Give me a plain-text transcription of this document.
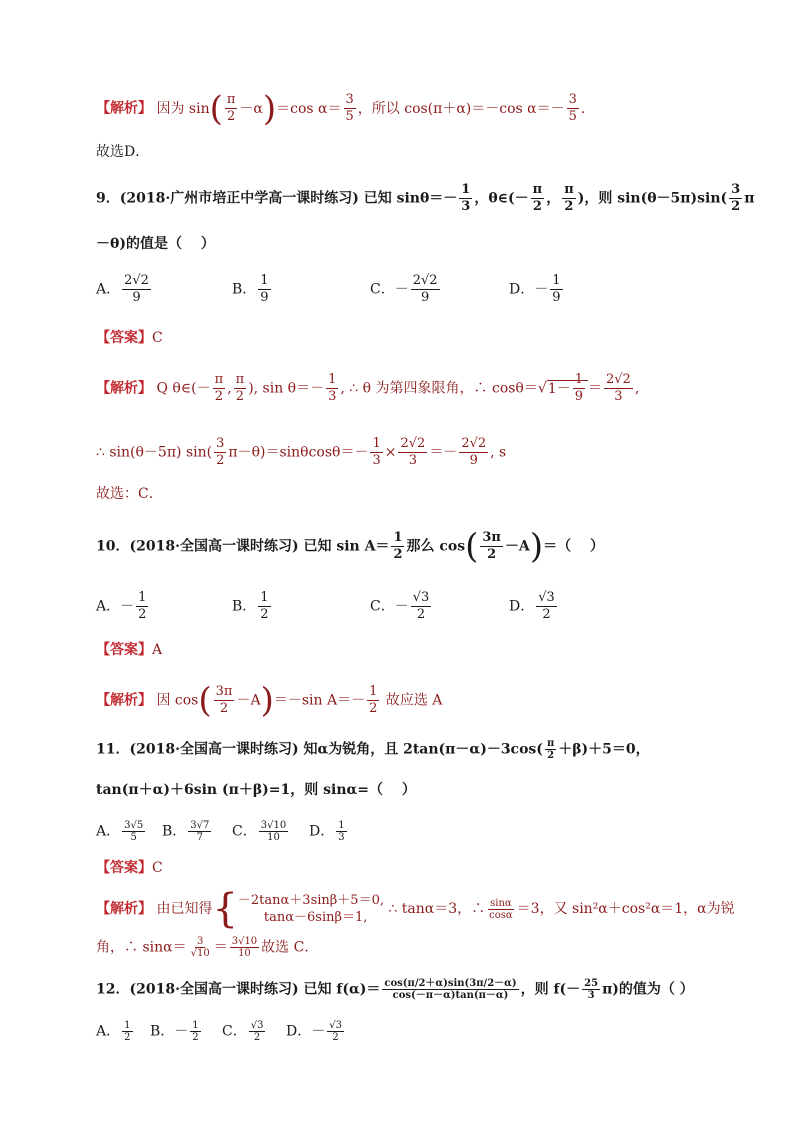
【解析】 因为 $\sin( \frac{\pi}{2} -\alpha)=\cos$ $\alpha= \frac{3}{5}$ ，所以 cos(π＋α)＝－cos $\alpha=- \frac{3}{5}$ ．
故选D．
9．(2018·广州市培正中学高一课时练习) 已知 $\sin\theta=- \frac{1}{3}$ ，θ∈(－ $\frac{\pi}{2}$ ， $\frac{\pi}{2}$ )，则 $\sin(\theta-5\pi)\sin( \frac{3}{2}$ π
－θ)的值是（　 ）
A． $\frac{2√2}{9}$	B． $\frac{1}{9}$	C．－ $\frac{2√2}{9}$	D．－ $\frac{1}{9}$
【答案】C
【解析】 Q θ∈(－ $\frac{\pi}{2}$ , $\frac{\pi}{2}$ ), $\sin \theta=- \frac{1}{3}$ , ∴ θ 为第四象限角，∴ $\cos\theta=√1- \frac{1}{9} = \frac{2√2}{3}$ ,
∴ sin(θ－5π) $\sin( \frac{3}{2} \pi-\theta)=\sin\theta\cos\theta=- \frac{1}{3} \times \frac{2√2}{3} =- \frac{2√2}{9}$ , s
故选：C．
10．(2018·全国高一课时练习) 已知 $\sin A= \frac{1}{2}$ 那么 $\cos( \frac{3\pi}{2} -A)=$（　 ）
A．－ $\frac{1}{2}$	B． $\frac{1}{2}$	C．－ $\frac{√3}{2}$	D． $\frac{√3}{2}$
【答案】A
【解析】 因 $\cos( \frac{3\pi}{2} -A)=-\sin$ $A=- \frac{1}{2}$ 故应选 A
11．(2018·全国高一课时练习) 知α为锐角，且 $2\tan(\pi-\alpha)-3\cos( \frac{\pi}{2} +\beta)+5=0$，
tan(π＋α)＋6sin (π＋β)=1，则 sinα=（　 ）
A． $\frac{3√5}{5}$ B． $\frac{3√7}{7}$ C． $\frac{3√10}{10}$ D． $\frac{1}{3}$
【答案】C
【解析】 由已知得{ －2tanα＋3sinβ＋5＝0,
tanα－6sinβ＝1,
∴ tanα＝3，∴ $\frac{\sin\alpha}{\cos\alpha} =3$，又 sin²α＋cos²α＝1，α为锐
角，∴ $\sin\alpha= \frac{3}{√10} = \frac{3√10}{10}$ 故选 C．
12．(2018·全国高一课时练习) 已知 $f(\alpha)= \frac{\cos(\pi/2+\alpha)\sin(3\pi/2-\alpha)}{\cos(-\pi-\alpha)\tan(\pi-\alpha)}$ ，则 $f(- \frac{25}{3} \pi)$的值为（ ）
A． $\frac{1}{2}$ B．－ $\frac{1}{2}$ C． $\frac{√3}{2}$ D．－ $\frac{√3}{2}$
